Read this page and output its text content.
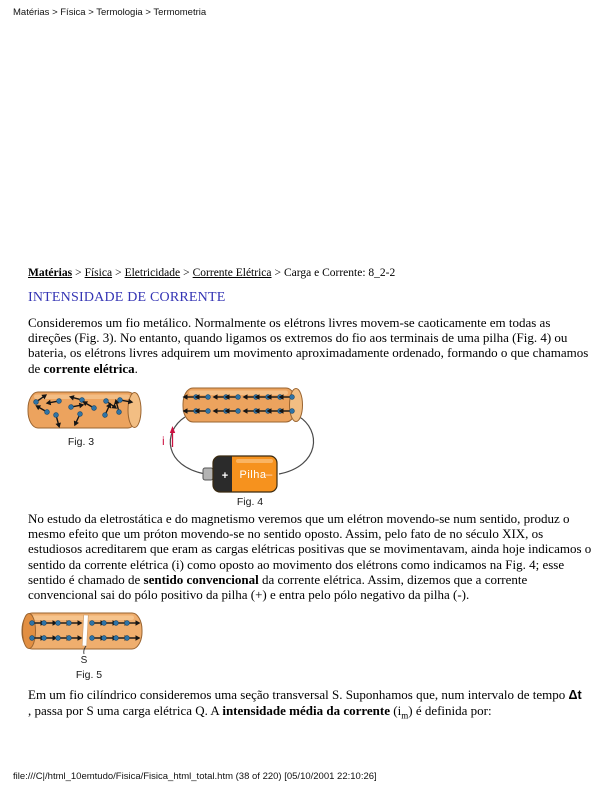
Matérias > Física > Termologia > Termometria
Matérias > Física > Eletricidade > Corrente Elétrica > Carga e Corrente: 8_2-2
INTENSIDADE DE CORRENTE
Consideremos um fio metálico. Normalmente os elétrons livres movem-se caoticamente em todas as direções (Fig. 3). No entanto, quando ligamos os extremos do fio aos terminais de uma pilha (Fig. 4) ou bateria, os elétrons livres adquirem um movimento aproximadamente ordenado, formando o que chamamos de corrente elétrica.
Fig. 3	i
+ Pilha –
Fig. 4
No estudo da eletrostática e do magnetismo veremos que um elétron movendo-se num sentido, produz o mesmo efeito que um próton movendo-se no sentido oposto. Assim, pelo fato de no século XIX, os estudiosos acreditarem que eram as cargas elétricas positivas que se movimentavam, ainda hoje indicamos o sentido da corrente elétrica (i) como oposto ao movimento dos elétrons como indicamos na Fig. 4; esse sentido é chamado de sentido convencional da corrente elétrica. Assim, dizemos que a corrente convencional sai do pólo positivo da pilha (+) e entra pelo pólo negativo da pilha (-).
S
Fig. 5
Em um fio cilíndrico consideremos uma seção transversal S. Suponhamos que, num intervalo de tempo Δt
, passa por S uma carga elétrica Q. A intensidade média da corrente $(i_m)$ é definida por:
file:///C|/html_10emtudo/Fisica/Fisica_html_total.htm (38 of 220) [05/10/2001 22:10:26]
